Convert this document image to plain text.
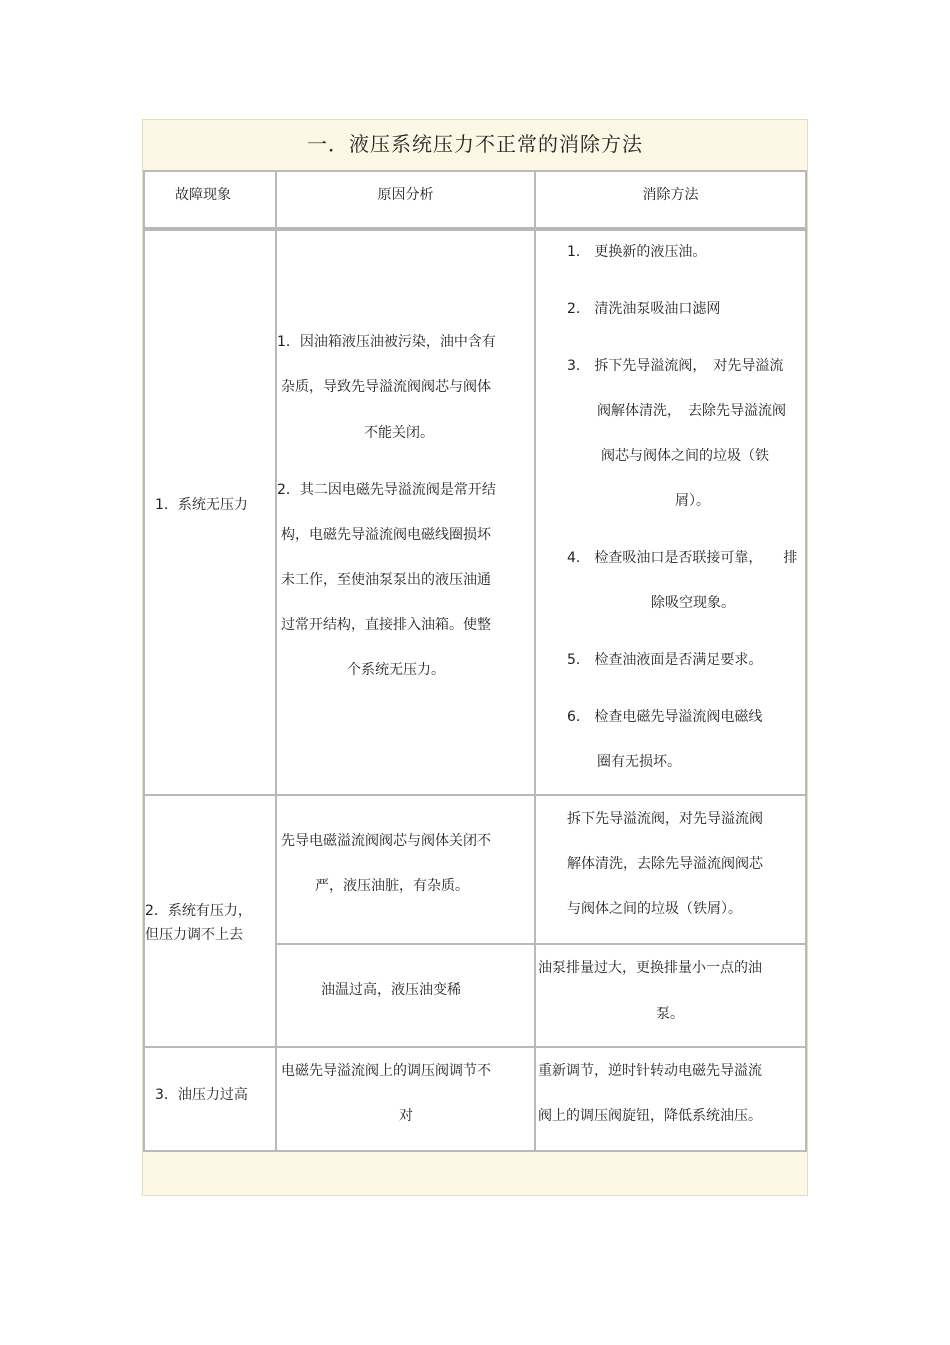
一．液压系统压力不正常的消除方法
故障现象	原因分析	消除方法
1．系统无压力
1．因油箱液压油被污染，油中含有
杂质，导致先导溢流阀阀芯与阀体
不能关闭。
2．其二因电磁先导溢流阀是常开结
构，电磁先导溢流阀电磁线圈损坏
未工作，至使油泵泵出的液压油通
过常开结构，直接排入油箱。使整
个系统无压力。
1.　更换新的液压油。
2.　清洗油泵吸油口滤网
3.　拆下先导溢流阀，　对先导溢流
阀解体清洗，　去除先导溢流阀
阀芯与阀体之间的垃圾（铁
屑）。
4.　检查吸油口是否联接可靠，　　排
除吸空现象。
5.　检查油液面是否满足要求。
6.　检查电磁先导溢流阀电磁线
圈有无损坏。
2．系统有压力，
但压力调不上去
先导电磁溢流阀阀芯与阀体关闭不
严，液压油脏，有杂质。
拆下先导溢流阀，对先导溢流阀
解体清洗，去除先导溢流阀阀芯
与阀体之间的垃圾（铁屑）。
油温过高，液压油变稀
油泵排量过大，更换排量小一点的油
泵。
3．油压力过高
电磁先导溢流阀上的调压阀调节不
对
重新调节，逆时针转动电磁先导溢流
阀上的调压阀旋钮，降低系统油压。
